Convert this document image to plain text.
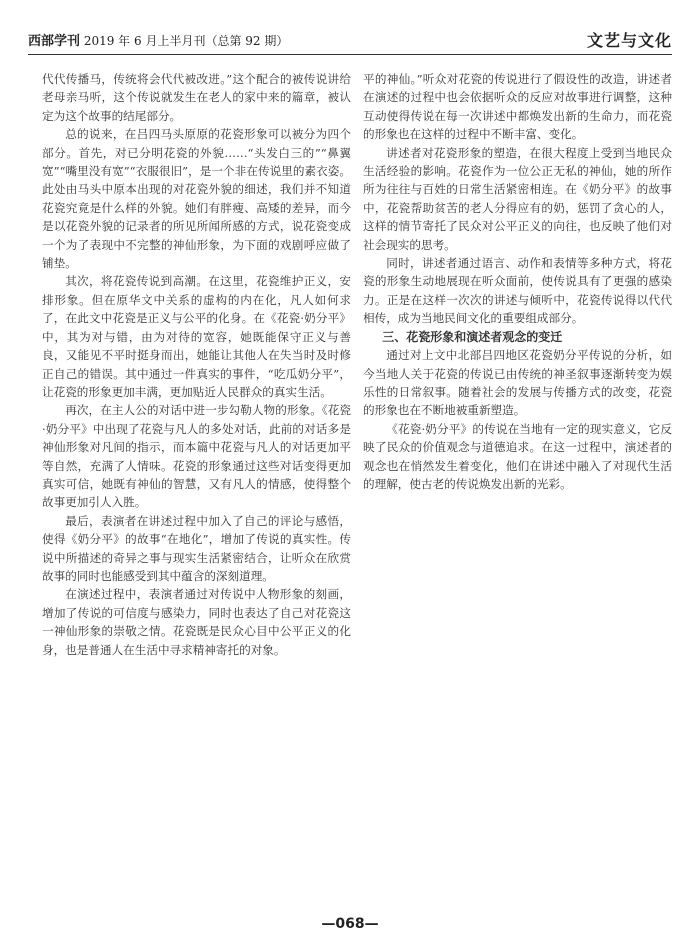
西部学刊 2019 年 6 月上半月刊（总第 92 期）	文艺与文化

代代传播马，传统将会代代被改进。”这个配合的被传说讲给老母亲马听，这个传说就发生在老人的家中来的篇章，被认定为这个故事的结尾部分。

总的说来，在吕四马头原原的花瓷形象可以被分为四个部分。首先，对已分明花瓷的外貌……“头发白三的”“鼻翼宽”“嘴里没有宽”“衣服很旧”，是一个非在传说里的素衣姿。此处由马头中原本出现的对花瓷外貌的细述，我们并不知道花瓷究竟是什么样的外貌。她们有胖瘦、高矮的差异，而今是以花瓷外貌的记录者的所见所闻所感的方式，说花瓷变成一个为了表现中不完整的神仙形象，为下面的戏剧呼应做了铺垫。

其次，将花瓷传说到高潮。在这里，花瓷维护正义，安排形象。但在原华文中关系的虚构的内在化，凡人如何求了，在此文中花瓷是正义与公平的化身。在《花瓷·奶分平》中，其为对与错，由为对待的宽容，她既能保守正义与善良，又能见不平时挺身而出，她能让其他人在失当时及时修正自己的错误。其中通过一件真实的事件，“吃瓜奶分平”，让花瓷的形象更加丰满，更加贴近人民群众的真实生活。

再次，在主人公的对话中进一步勾勒人物的形象。《花瓷·奶分平》中出现了花瓷与凡人的多处对话，此前的对话多是神仙形象对凡间的指示，而本篇中花瓷与凡人的对话更加平等自然，充满了人情味。花瓷的形象通过这些对话变得更加真实可信，她既有神仙的智慧，又有凡人的情感，使得整个故事更加引人入胜。

最后，表演者在讲述过程中加入了自己的评论与感悟，使得《奶分平》的故事“在地化”，增加了传说的真实性。传说中所描述的奇异之事与现实生活紧密结合，让听众在欣赏故事的同时也能感受到其中蕴含的深刻道理。

在演述过程中，表演者通过对传说中人物形象的刻画，增加了传说的可信度与感染力，同时也表达了自己对花瓷这一神仙形象的崇敬之情。花瓷既是民众心目中公平正义的化身，也是普通人在生活中寻求精神寄托的对象。

平的神仙。”听众对花瓷的传说进行了假设性的改造，讲述者在演述的过程中也会依据听众的反应对故事进行调整，这种互动使得传说在每一次讲述中都焕发出新的生命力，而花瓷的形象也在这样的过程中不断丰富、变化。

讲述者对花瓷形象的塑造，在很大程度上受到当地民众生活经验的影响。花瓷作为一位公正无私的神仙，她的所作所为往往与百姓的日常生活紧密相连。在《奶分平》的故事中，花瓷帮助贫苦的老人分得应有的奶，惩罚了贪心的人，这样的情节寄托了民众对公平正义的向往，也反映了他们对社会现实的思考。

同时，讲述者通过语言、动作和表情等多种方式，将花瓷的形象生动地展现在听众面前，使传说具有了更强的感染力。正是在这样一次次的讲述与倾听中，花瓷传说得以代代相传，成为当地民间文化的重要组成部分。

三、花瓷形象和演述者观念的变迁

通过对上文中北部吕四地区花瓷奶分平传说的分析，如今当地人关于花瓷的传说已由传统的神圣叙事逐渐转变为娱乐性的日常叙事。随着社会的发展与传播方式的改变，花瓷的形象也在不断地被重新塑造。

《花瓷·奶分平》的传说在当地有一定的现实意义，它反映了民众的价值观念与道德追求。在这一过程中，演述者的观念也在悄然发生着变化，他们在讲述中融入了对现代生活的理解，使古老的传说焕发出新的光彩。

—068—
